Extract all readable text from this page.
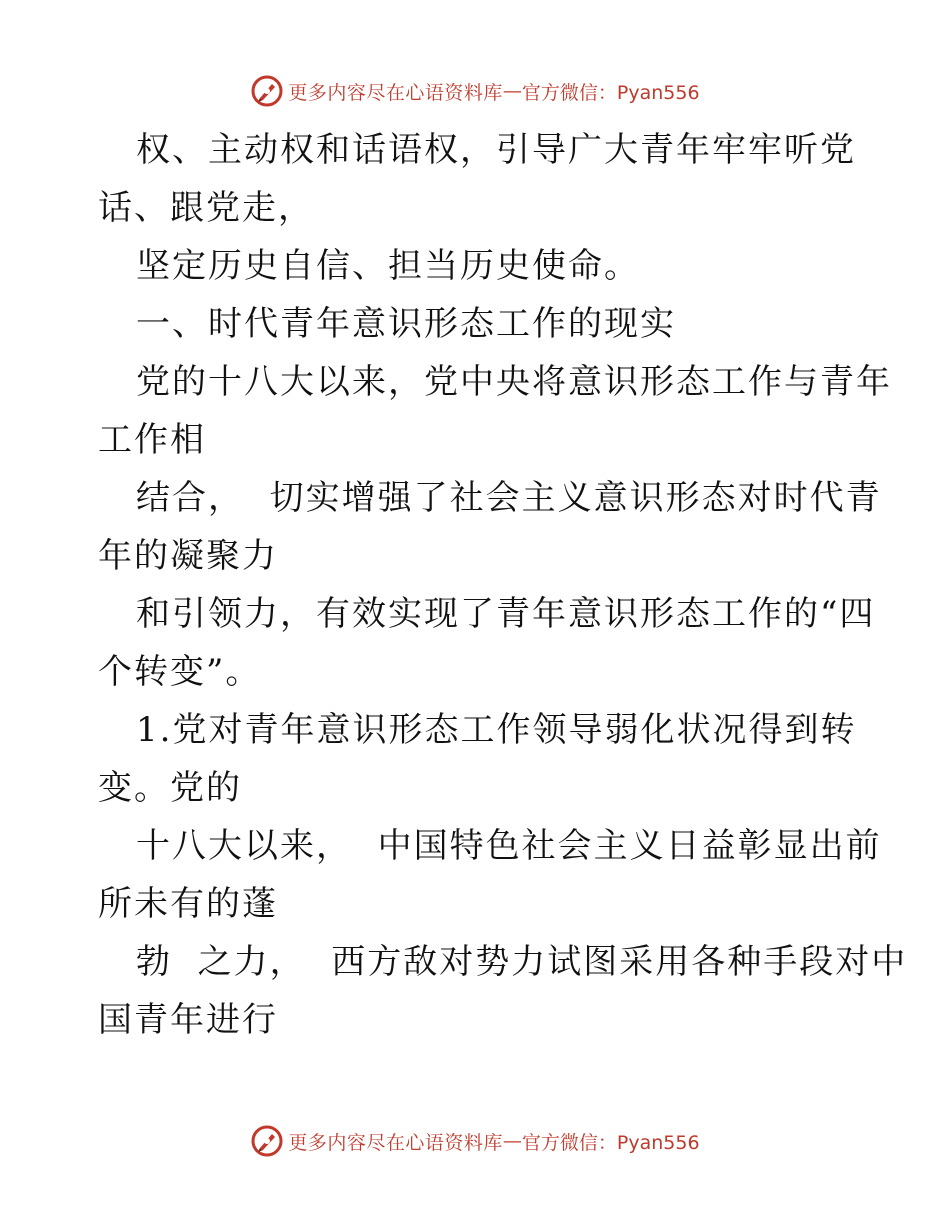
更多内容尽在心语资料库 — 官方微信：Pyan556
权、主动权和话语权，引导广大青年牢牢听党
话、跟党走，
坚定历史自信、担当历史使命。
一、时代青年意识形态工作的现实
党的十八大以来，党中央将意识形态工作与青年
工作相
结合，  切实增强了社会主义意识形态对时代青
年的凝聚力
和引领力，有效实现了青年意识形态工作的“四
个转变”。
1.党对青年意识形态工作领导弱化状况得到转
变。党的
十八大以来，  中国特色社会主义日益彰显出前
所未有的蓬
勃  之力，  西方敌对势力试图采用各种手段对中
国青年进行
更多内容尽在心语资料库 — 官方微信：Pyan556
